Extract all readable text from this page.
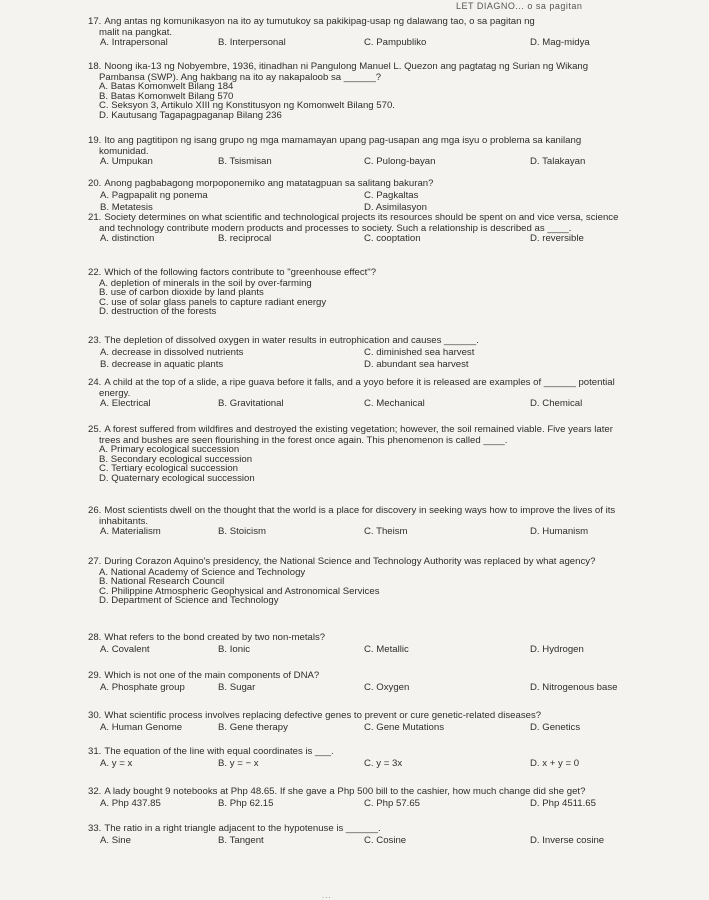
LET DIAGNO... o sa pagitan
17. Ang antas ng komunikasyon na ito ay tumutukoy sa pakikipag-usap ng dalawang tao, o sa pagitan ng
malit na pangkat.
A. Intrapersonal	B. Interpersonal	C. Pampubliko	D. Mag-midya
18. Noong ika-13 ng Nobyembre, 1936, itinadhan ni Pangulong Manuel L. Quezon ang pagtatag ng Surian ng Wikang
Pambansa (SWP). Ang hakbang na ito ay nakapaloob sa ______?
A. Batas Komonwelt Bilang 184
B. Batas Komonwelt Bilang 570
C. Seksyon 3, Artikulo XIII ng Konstitusyon ng Komonwelt Bilang 570.
D. Kautusang Tagapagpaganap Bilang 236
19. Ito ang pagtitipon ng isang grupo ng mga mamamayan upang pag-usapan ang mga isyu o problema sa kanilang
komunidad.
A. Umpukan	B. Tsismisan	C. Pulong-bayan	D. Talakayan
20. Anong pagbabagong morpoponemiko ang matatagpuan sa salitang bakuran?
A. Pagpapalit ng ponema	C. Pagkaltas
B. Metatesis	D. Asimilasyon
21. Society determines on what scientific and technological projects its resources should be spent on and vice versa, science
and technology contribute modern products and processes to society. Such a relationship is described as ____.
A. distinction	B. reciprocal	C. cooptation	D. reversible
22. Which of the following factors contribute to "greenhouse effect"?
A. depletion of minerals in the soil by over-farming
B. use of carbon dioxide by land plants
C. use of solar glass panels to capture radiant energy
D. destruction of the forests
23. The depletion of dissolved oxygen in water results in eutrophication and causes ______.
A. decrease in dissolved nutrients	C. diminished sea harvest
B. decrease in aquatic plants	D. abundant sea harvest
24. A child at the top of a slide, a ripe guava before it falls, and a yoyo before it is released are examples of ______ potential
energy.
A. Electrical	B. Gravitational	C. Mechanical	D. Chemical
25. A forest suffered from wildfires and destroyed the existing vegetation; however, the soil remained viable. Five years later
trees and bushes are seen flourishing in the forest once again. This phenomenon is called ____.
A. Primary ecological succession
B. Secondary ecological succession
C. Tertiary ecological succession
D. Quaternary ecological succession
26. Most scientists dwell on the thought that the world is a place for discovery in seeking ways how to improve the lives of its
inhabitants.
A. Materialism	B. Stoicism	C. Theism	D. Humanism
27. During Corazon Aquino's presidency, the National Science and Technology Authority was replaced by what agency?
A. National Academy of Science and Technology
B. National Research Council
C. Philippine Atmospheric Geophysical and Astronomical Services
D. Department of Science and Technology
28. What refers to the bond created by two non-metals?
A. Covalent	B. Ionic	C. Metallic	D. Hydrogen
29. Which is not one of the main components of DNA?
A. Phosphate group	B. Sugar	C. Oxygen	D. Nitrogenous base
30. What scientific process involves replacing defective genes to prevent or cure genetic-related diseases?
A. Human Genome	B. Gene therapy	C. Gene Mutations	D. Genetics
31. The equation of the line with equal coordinates is ___.
A. y = x	B. y = − x	C. y = 3x	D. x + y = 0
32. A lady bought 9 notebooks at Php 48.65. If she gave a Php 500 bill to the cashier, how much change did she get?
A. Php 437.85	B. Php 62.15	C. Php 57.65	D. Php 4511.65
33. The ratio in a right triangle adjacent to the hypotenuse is ______.
A. Sine	B. Tangent	C. Cosine	D. Inverse cosine
...
